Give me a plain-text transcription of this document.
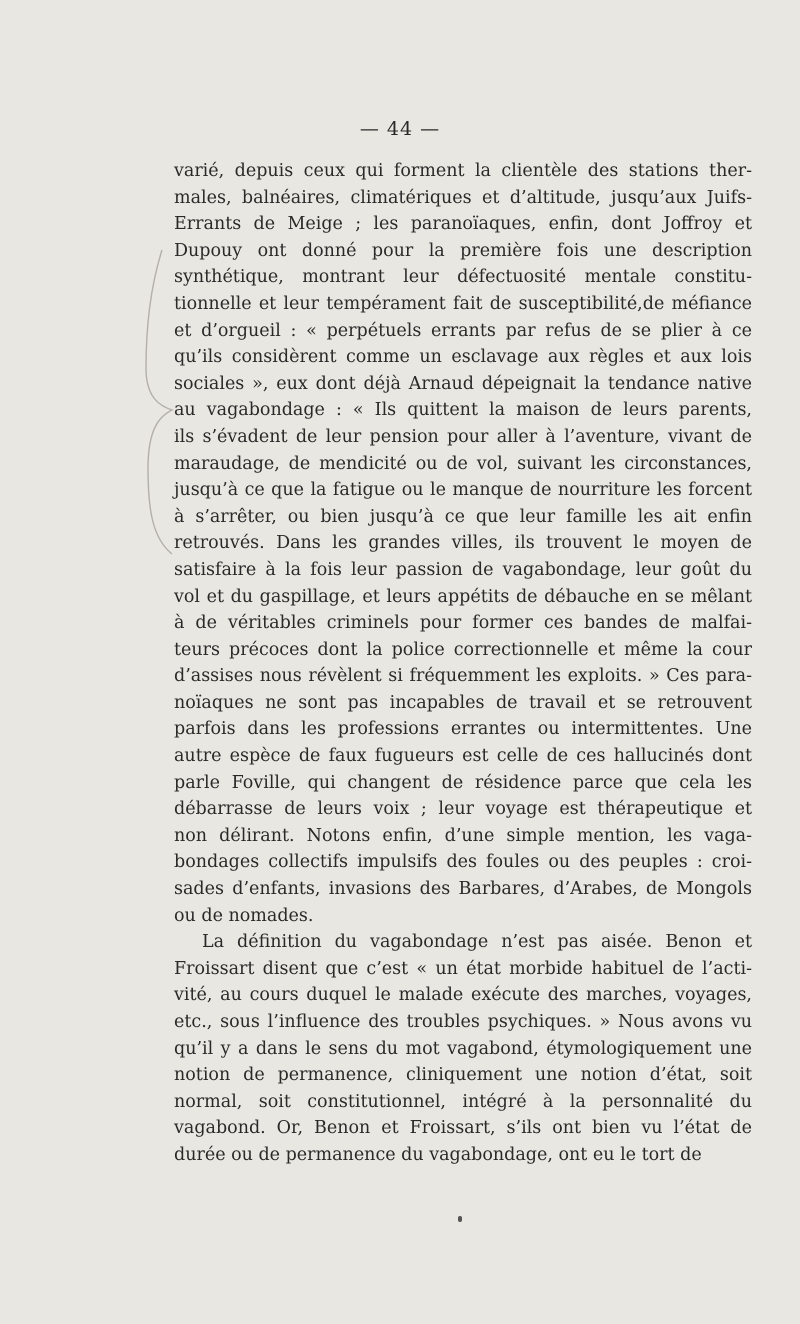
— 44 —
varié, depuis ceux qui forment la clientèle des stations ther-
males, balnéaires, climatériques et d’altitude, jusqu’aux Juifs-
Errants de Meige ; les paranoïaques, enfin, dont Joffroy et
Dupouy ont donné pour la première fois une description
synthétique, montrant leur défectuosité mentale constitu-
tionnelle et leur tempérament fait de susceptibilité,de méfiance
et d’orgueil : « perpétuels errants par refus de se plier à ce
qu’ils considèrent comme un esclavage aux règles et aux lois
sociales », eux dont déjà Arnaud dépeignait la tendance native
au vagabondage : « Ils quittent la maison de leurs parents,
ils s’évadent de leur pension pour aller à l’aventure, vivant de
maraudage, de mendicité ou de vol, suivant les circonstances,
jusqu’à ce que la fatigue ou le manque de nourriture les forcent
à s’arrêter, ou bien jusqu’à ce que leur famille les ait enfin
retrouvés. Dans les grandes villes, ils trouvent le moyen de
satisfaire à la fois leur passion de vagabondage, leur goût du
vol et du gaspillage, et leurs appétits de débauche en se mêlant
à de véritables criminels pour former ces bandes de malfai-
teurs précoces dont la police correctionnelle et même la cour
d’assises nous révèlent si fréquemment les exploits. » Ces para-
noïaques ne sont pas incapables de travail et se retrouvent
parfois dans les professions errantes ou intermittentes. Une
autre espèce de faux fugueurs est celle de ces hallucinés dont
parle Foville, qui changent de résidence parce que cela les
débarrasse de leurs voix ; leur voyage est thérapeutique et
non délirant. Notons enfin, d’une simple mention, les vaga-
bondages collectifs impulsifs des foules ou des peuples : croi-
sades d’enfants, invasions des Barbares, d’Arabes, de Mongols
ou de nomades.
La définition du vagabondage n’est pas aisée. Benon et
Froissart disent que c’est « un état morbide habituel de l’acti-
vité, au cours duquel le malade exécute des marches, voyages,
etc., sous l’influence des troubles psychiques. » Nous avons vu
qu’il y a dans le sens du mot vagabond, étymologiquement une
notion de permanence, cliniquement une notion d’état, soit
normal, soit constitutionnel, intégré à la personnalité du
vagabond. Or, Benon et Froissart, s’ils ont bien vu l’état de
durée ou de permanence du vagabondage, ont eu le tort de
